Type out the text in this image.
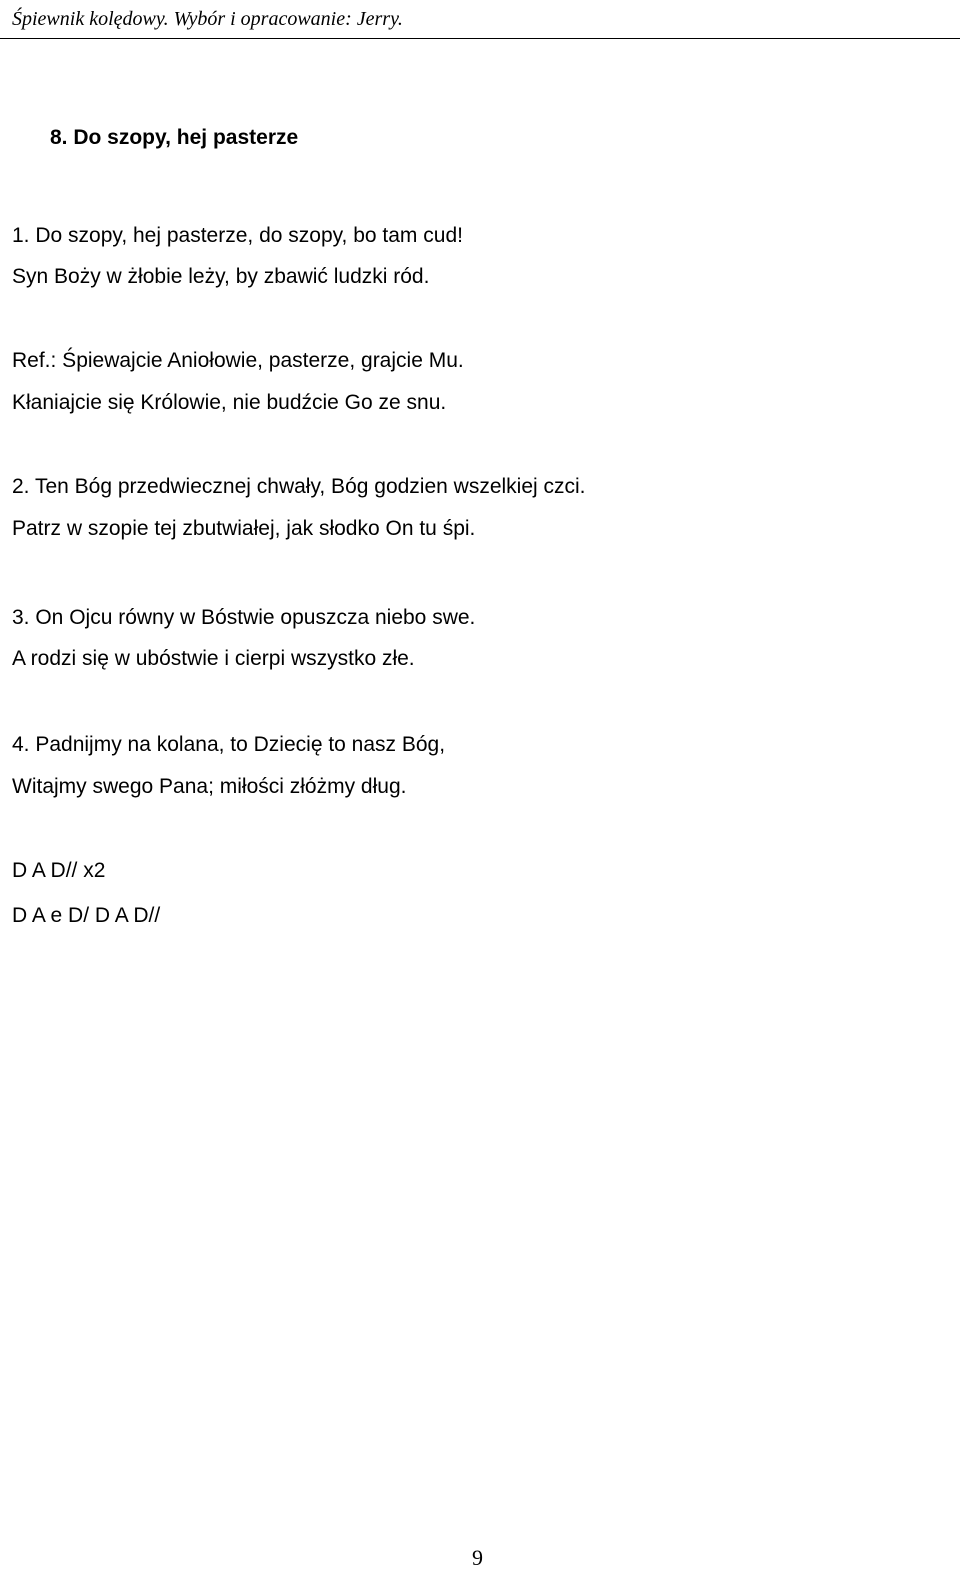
Śpiewnik kolędowy. Wybór i opracowanie: Jerry.
8. Do szopy, hej pasterze
1. Do szopy, hej pasterze, do szopy, bo tam cud!
Syn Boży w żłobie leży, by zbawić ludzki ród.
Ref.: Śpiewajcie Aniołowie, pasterze, grajcie Mu.
Kłaniajcie się Królowie, nie budźcie Go ze snu.
2. Ten Bóg przedwiecznej chwały, Bóg godzien wszelkiej czci.
Patrz w szopie tej zbutwiałej, jak słodko On tu śpi.
3. On Ojcu równy w Bóstwie opuszcza niebo swe.
A rodzi się w ubóstwie i cierpi wszystko złe.
4. Padnijmy na kolana, to Dziecię to nasz Bóg,
Witajmy swego Pana; miłości złóżmy dług.
D A D// x2
D A e D/ D A D//
9
